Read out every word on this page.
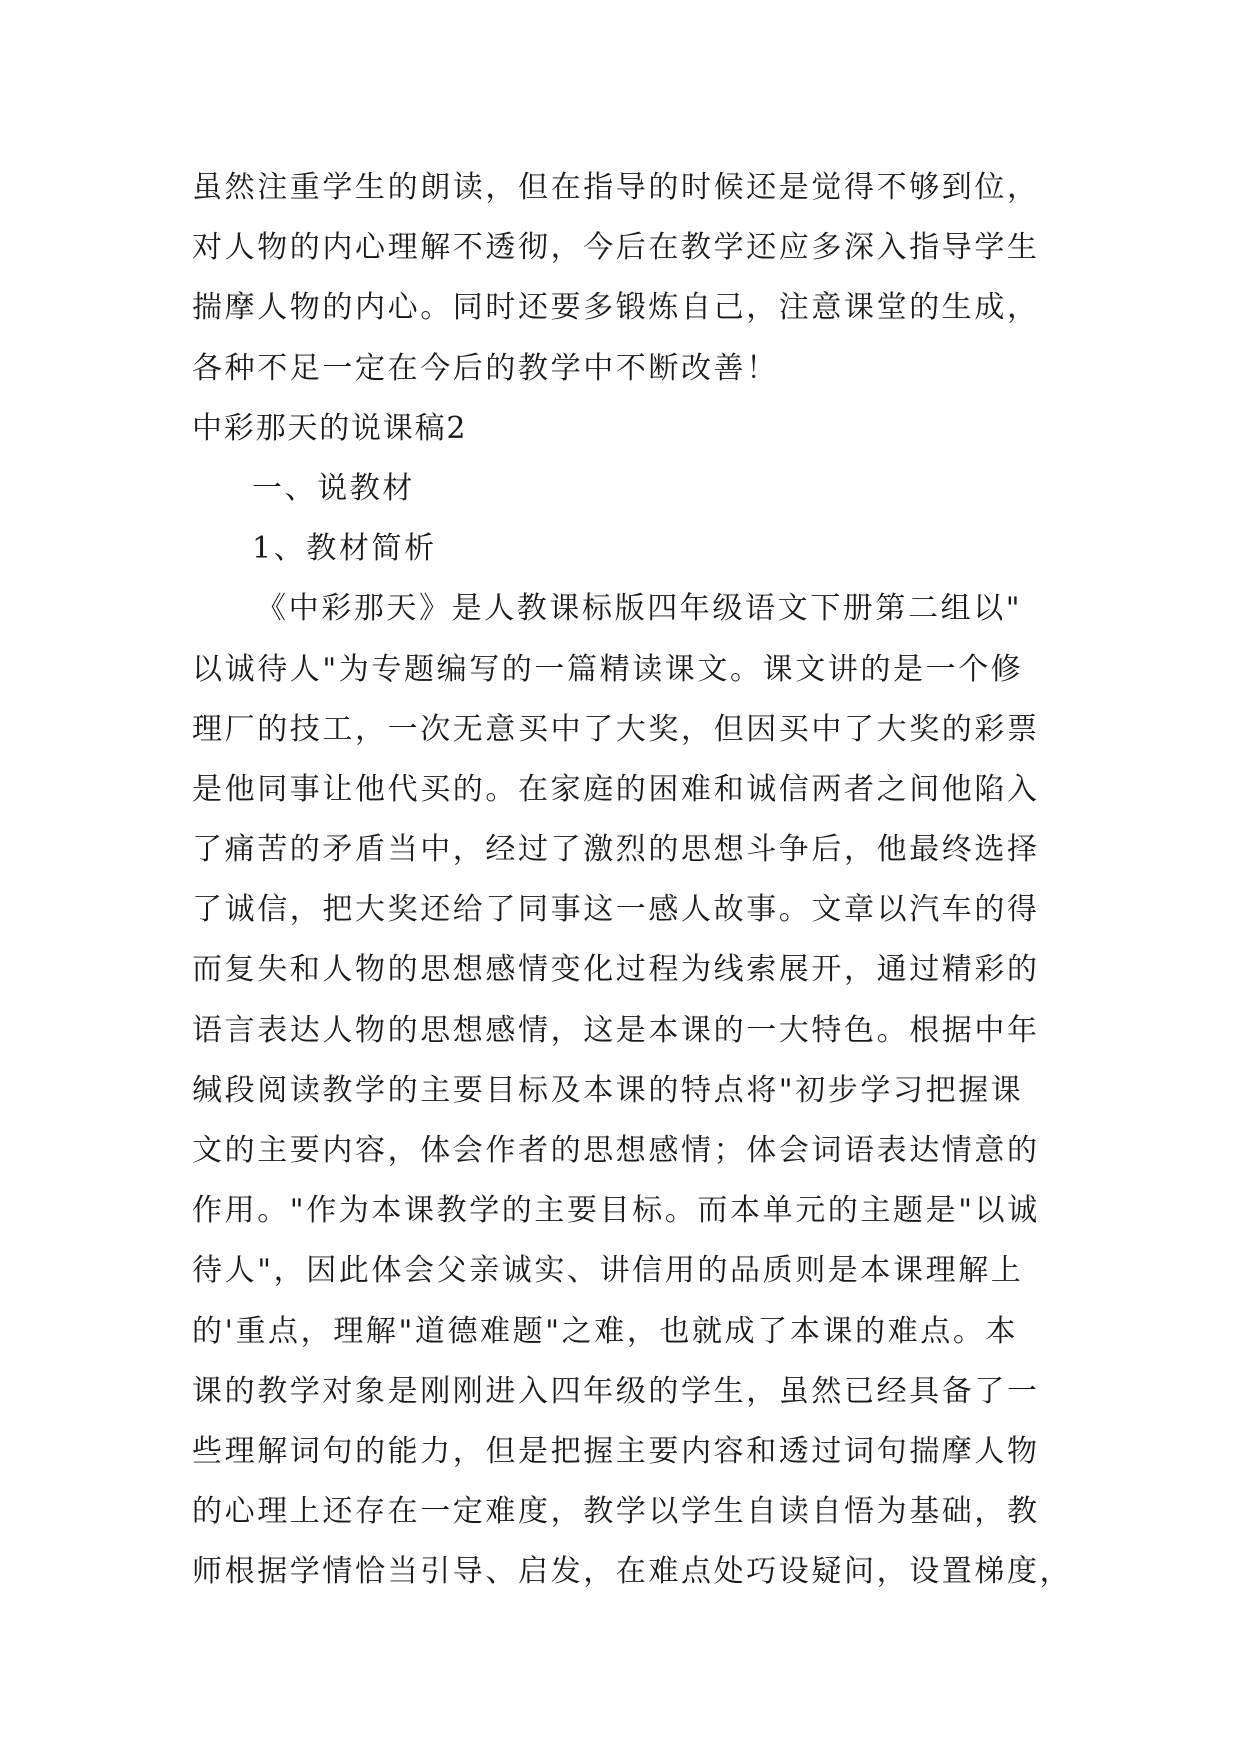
虽然注重学生的朗读，但在指导的时候还是觉得不够到位，
对人物的内心理解不透彻，今后在教学还应多深入指导学生
揣摩人物的内心。同时还要多锻炼自己，注意课堂的生成，
各种不足一定在今后的教学中不断改善！
中彩那天的说课稿2
一、说教材
1、教材简析
《中彩那天》是人教课标版四年级语文下册第二组以"
以诚待人"为专题编写的一篇精读课文。课文讲的是一个修
理厂的技工，一次无意买中了大奖，但因买中了大奖的彩票
是他同事让他代买的。在家庭的困难和诚信两者之间他陷入
了痛苦的矛盾当中，经过了激烈的思想斗争后，他最终选择
了诚信，把大奖还给了同事这一感人故事。文章以汽车的得
而复失和人物的思想感情变化过程为线索展开，通过精彩的
语言表达人物的思想感情，这是本课的一大特色。根据中年
缄段阅读教学的主要目标及本课的特点将"初步学习把握课
文的主要内容，体会作者的思想感情；体会词语表达情意的
作用。"作为本课教学的主要目标。而本单元的主题是"以诚
待人"，因此体会父亲诚实、讲信用的品质则是本课理解上
的'重点，理解"道德难题"之难，也就成了本课的难点。本
课的教学对象是刚刚进入四年级的学生，虽然已经具备了一
些理解词句的能力，但是把握主要内容和透过词句揣摩人物
的心理上还存在一定难度，教学以学生自读自悟为基础，教
师根据学情恰当引导、启发，在难点处巧设疑问，设置梯度，
